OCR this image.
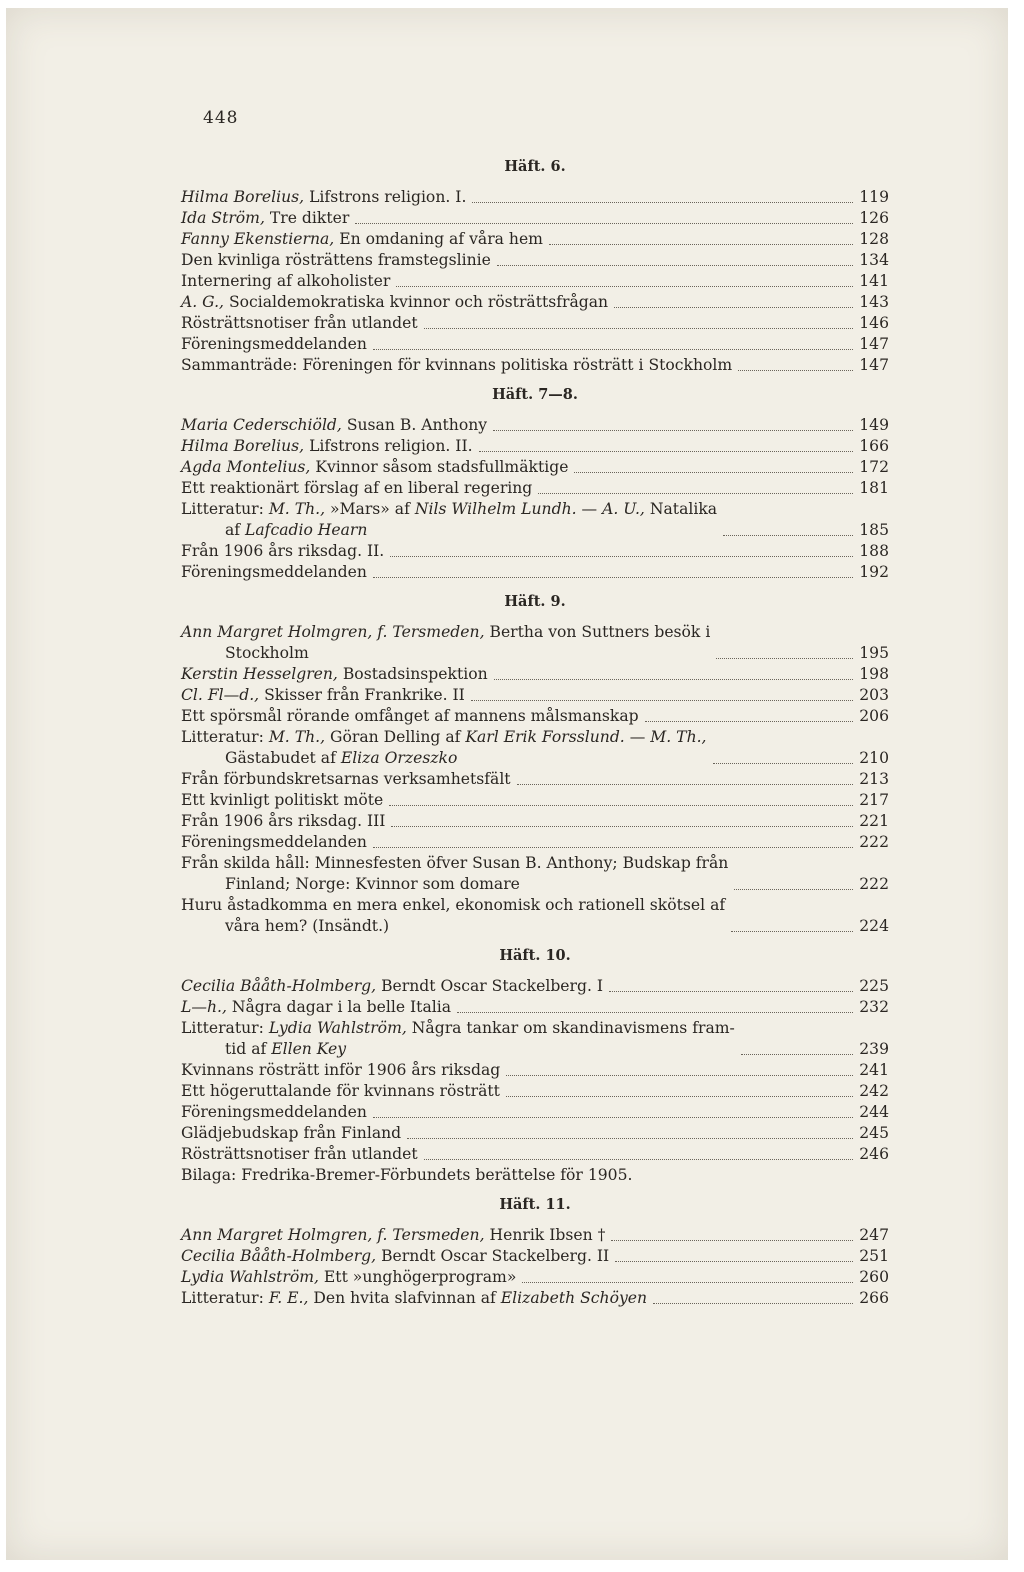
448
Häft. 6.
Hilma Borelius, Lifstrons religion. I.	119
Ida Ström, Tre dikter	126
Fanny Ekenstierna, En omdaning af våra hem	128
Den kvinliga rösträttens framstegslinie	134
Internering af alkoholister	141
A. G., Socialdemokratiska kvinnor och rösträttsfrågan	143
Rösträttsnotiser från utlandet	146
Föreningsmeddelanden	147
Sammanträde: Föreningen för kvinnans politiska rösträtt i Stockholm	147
Häft. 7—8.
Maria Cederschiöld, Susan B. Anthony	149
Hilma Borelius, Lifstrons religion. II.	166
Agda Montelius, Kvinnor såsom stadsfullmäktige	172
Ett reaktionärt förslag af en liberal regering	181
Litteratur: M. Th., »Mars» af Nils Wilhelm Lundh. — A. U., Natalika
af Lafcadio Hearn	185
Från 1906 års riksdag. II.	188
Föreningsmeddelanden	192
Häft. 9.
Ann Margret Holmgren, f. Tersmeden, Bertha von Suttners besök i
Stockholm	195
Kerstin Hesselgren, Bostadsinspektion	198
Cl. Fl—d., Skisser från Frankrike. II	203
Ett spörsmål rörande omfånget af mannens målsmanskap	206
Litteratur: M. Th., Göran Delling af Karl Erik Forsslund. — M. Th.,
Gästabudet af Eliza Orzeszko	210
Från förbundskretsarnas verksamhetsfält	213
Ett kvinligt politiskt möte	217
Från 1906 års riksdag. III	221
Föreningsmeddelanden	222
Från skilda håll: Minnesfesten öfver Susan B. Anthony; Budskap från
Finland; Norge: Kvinnor som domare	222
Huru åstadkomma en mera enkel, ekonomisk och rationell skötsel af
våra hem? (Insändt.)	224
Häft. 10.
Cecilia Bååth-Holmberg, Berndt Oscar Stackelberg. I	225
L—h., Några dagar i la belle Italia	232
Litteratur: Lydia Wahlström, Några tankar om skandinavismens fram-
tid af Ellen Key	239
Kvinnans rösträtt inför 1906 års riksdag	241
Ett högeruttalande för kvinnans rösträtt	242
Föreningsmeddelanden	244
Glädjebudskap från Finland	245
Rösträttsnotiser från utlandet	246
Bilaga: Fredrika-Bremer-Förbundets berättelse för 1905.
Häft. 11.
Ann Margret Holmgren, f. Tersmeden, Henrik Ibsen †	247
Cecilia Bååth-Holmberg, Berndt Oscar Stackelberg. II	251
Lydia Wahlström, Ett »unghögerprogram»	260
Litteratur: F. E., Den hvita slafvinnan af Elizabeth Schöyen	266
